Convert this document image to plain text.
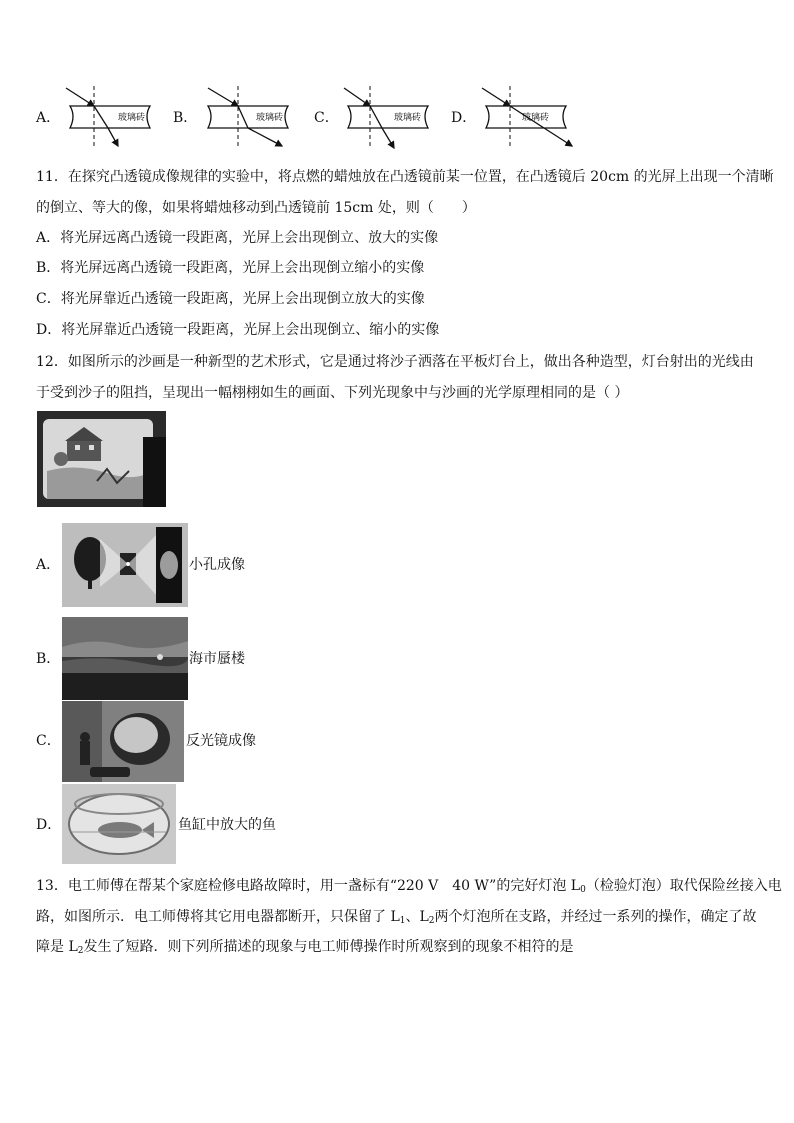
A．	B．	C．	D．
玻璃砖	玻璃砖	玻璃砖	玻璃砖
11．在探究凸透镜成像规律的实验中，将点燃的蜡烛放在凸透镜前某一位置，在凸透镜后 20cm 的光屏上出现一个清晰
的倒立、等大的像，如果将蜡烛移动到凸透镜前 15cm 处，则（　　）
A．将光屏远离凸透镜一段距离，光屏上会出现倒立、放大的实像
B．将光屏远离凸透镜一段距离，光屏上会出现倒立缩小的实像
C．将光屏靠近凸透镜一段距离，光屏上会出现倒立放大的实像
D．将光屏靠近凸透镜一段距离，光屏上会出现倒立、缩小的实像
12．如图所示的沙画是一种新型的艺术形式，它是通过将沙子洒落在平板灯台上，做出各种造型，灯台射出的光线由
于受到沙子的阻挡，呈现出一幅栩栩如生的画面、下列光现象中与沙画的光学原理相同的是（ ）
A．	小孔成像
B．	海市蜃楼
C．	反光镜成像
D．	鱼缸中放大的鱼
13．电工师傅在帮某个家庭检修电路故障时，用一盏标有“220 V　40 W”的完好灯泡 $L_0$（检验灯泡）取代保险丝接入电
路，如图所示．电工师傅将其它用电器都断开，只保留了 $L_1$、$L_2$两个灯泡所在支路，并经过一系列的操作，确定了故
障是 $L_2$发生了短路．则下列所描述的现象与电工师傅操作时所观察到的现象不相符的是
